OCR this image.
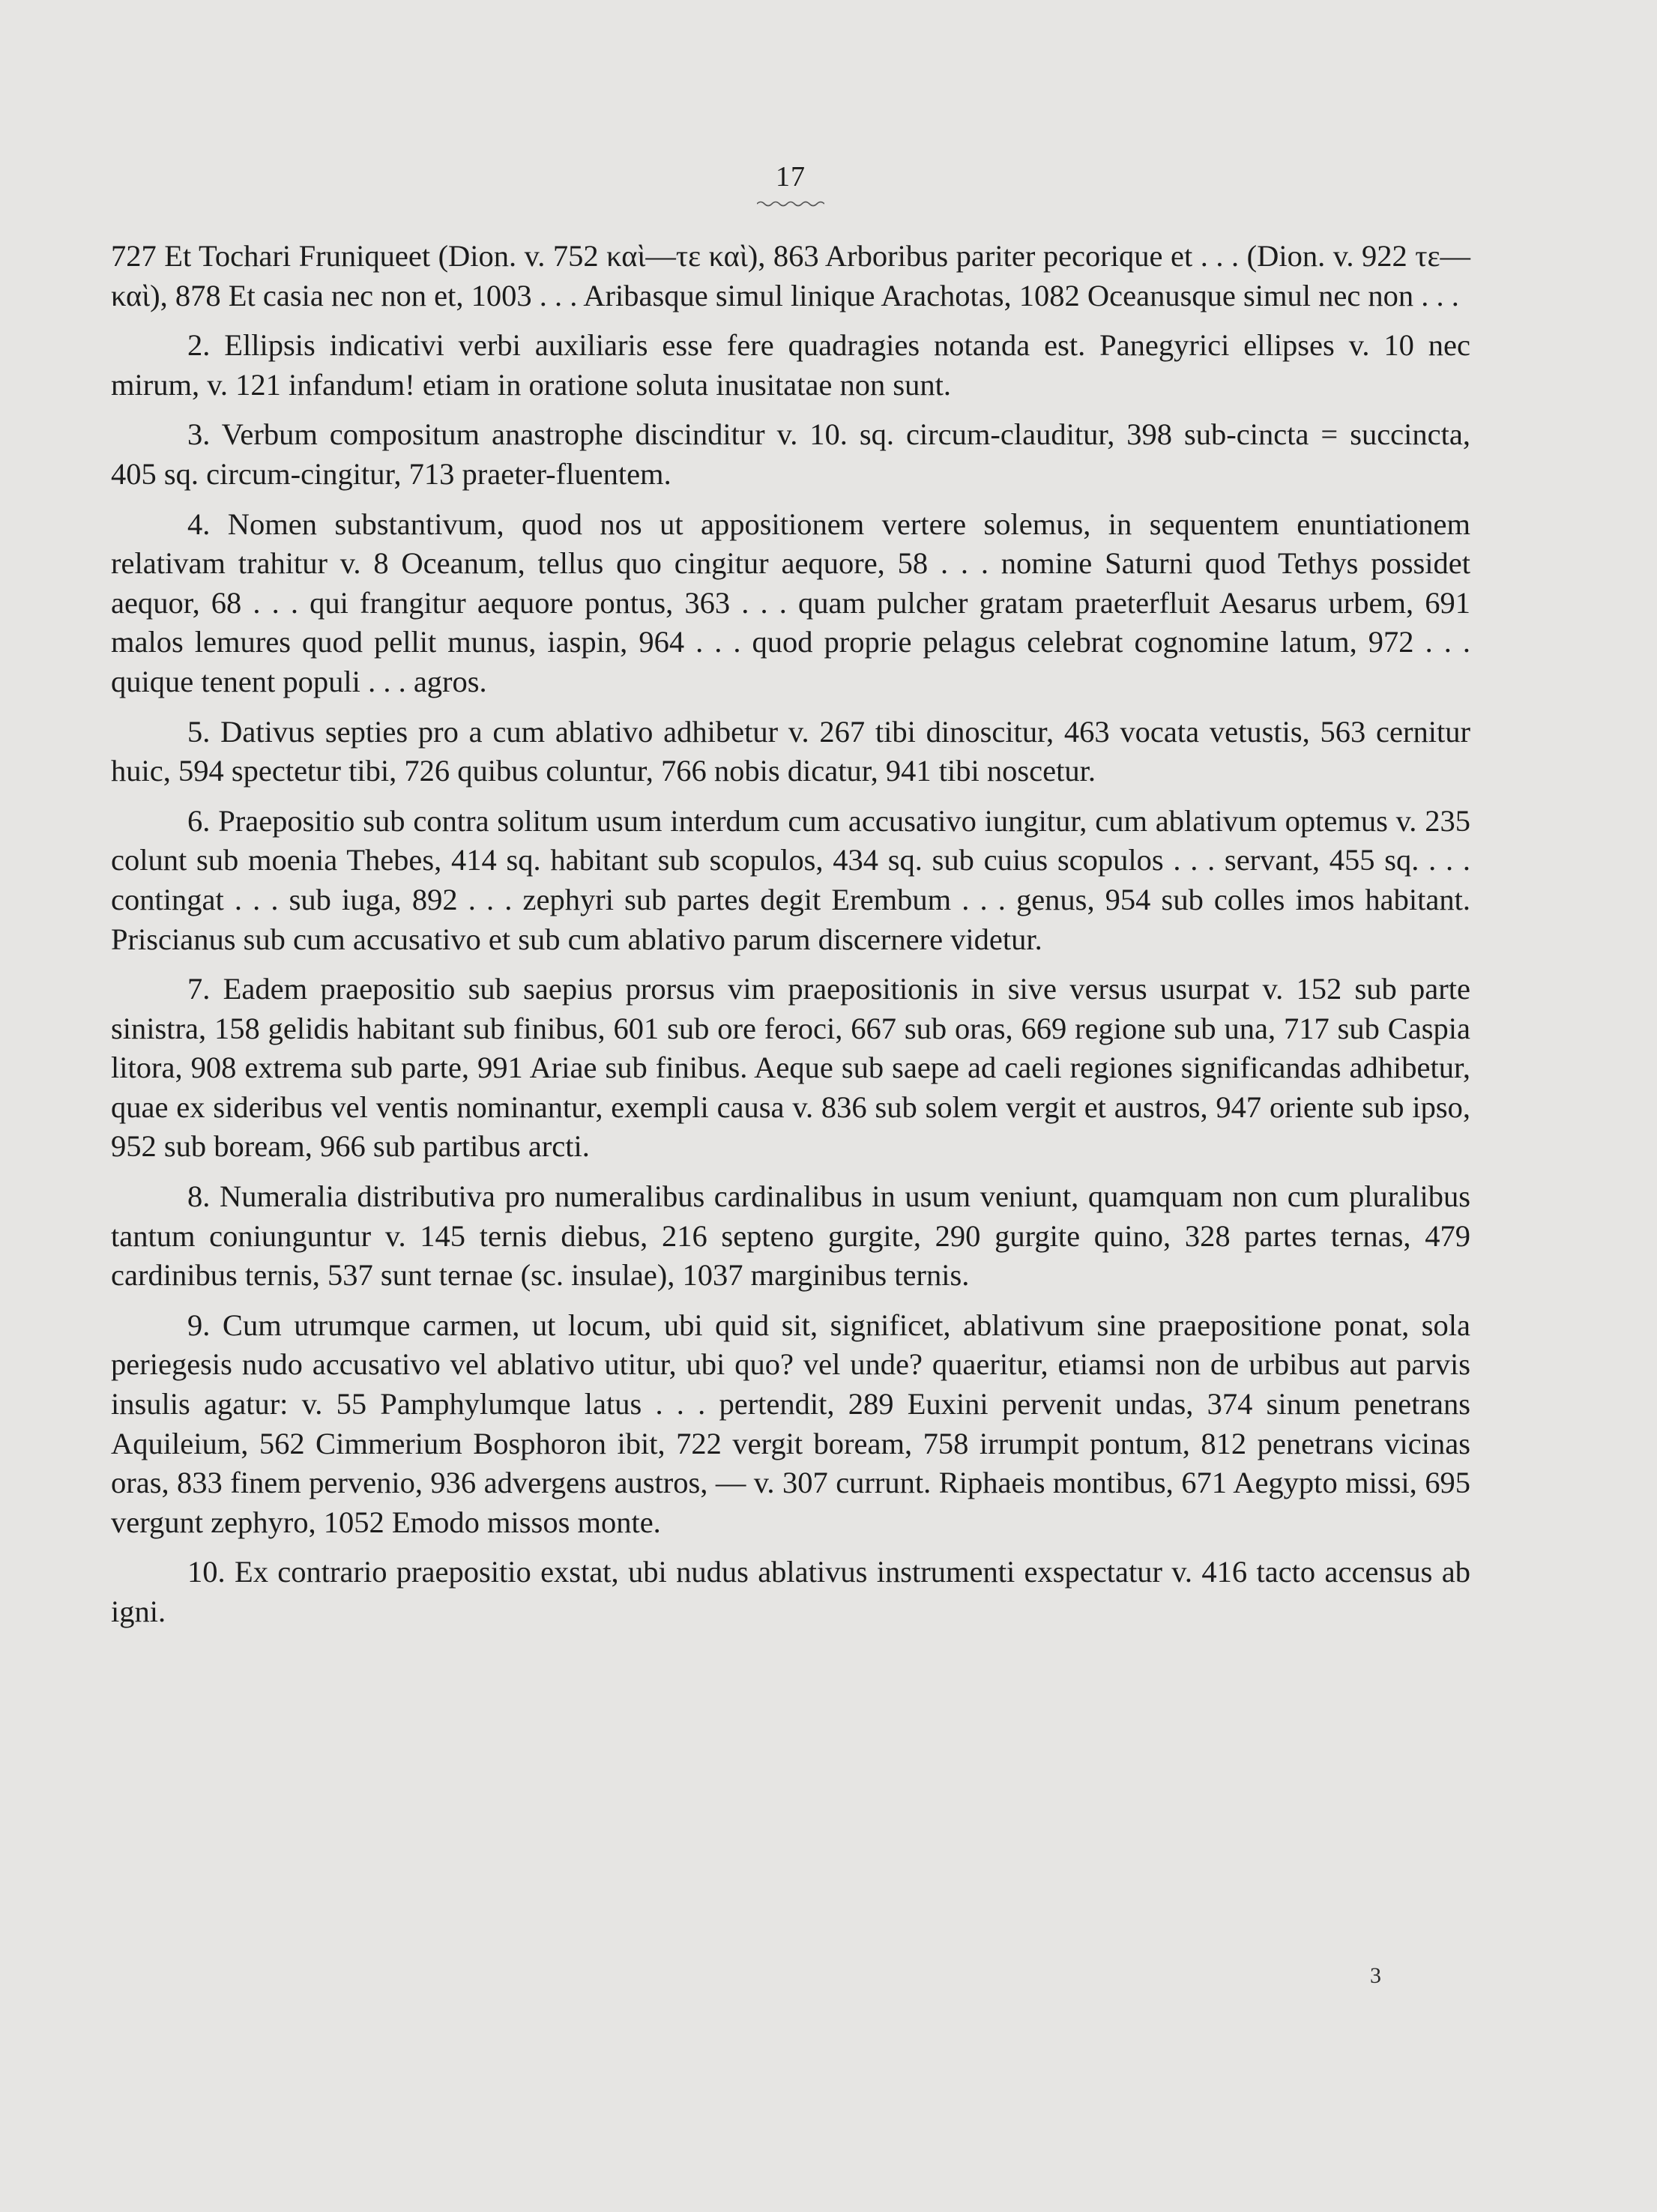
17

727 Et Tochari Fruniqueet (Dion. v. 752 καὶ—τε καὶ), 863 Arboribus pariter pecorique et . . . (Dion. v. 922 τε—καὶ), 878 Et casia nec non et, 1003 . . . Aribasque simul linique Arachotas, 1082 Oceanusque simul nec non . . .

2. Ellipsis indicativi verbi auxiliaris esse fere quadragies notanda est. Panegyrici ellipses v. 10 nec mirum, v. 121 infandum! etiam in oratione soluta inusitatae non sunt.

3. Verbum compositum anastrophe discinditur v. 10. sq. circum-clauditur, 398 sub-cincta = succincta, 405 sq. circum-cingitur, 713 praeter-fluentem.

4. Nomen substantivum, quod nos ut appositionem vertere solemus, in sequentem enuntiationem relativam trahitur v. 8 Oceanum, tellus quo cingitur aequore, 58 . . . nomine Saturni quod Tethys possidet aequor, 68 . . . qui frangitur aequore pontus, 363 . . . quam pulcher gratam praeterfluit Aesarus urbem, 691 malos lemures quod pellit munus, iaspin, 964 . . . quod proprie pelagus celebrat cognomine latum, 972 . . . quique tenent populi . . . agros.

5. Dativus septies pro a cum ablativo adhibetur v. 267 tibi dinoscitur, 463 vocata vetustis, 563 cernitur huic, 594 spectetur tibi, 726 quibus coluntur, 766 nobis dicatur, 941 tibi noscetur.

6. Praepositio sub contra solitum usum interdum cum accusativo iungitur, cum ablativum optemus v. 235 colunt sub moenia Thebes, 414 sq. habitant sub scopulos, 434 sq. sub cuius scopulos . . . servant, 455 sq. . . . contingat . . . sub iuga, 892 . . . zephyri sub partes degit Erembum . . . genus, 954 sub colles imos habitant. Priscianus sub cum accusativo et sub cum ablativo parum discernere videtur.

7. Eadem praepositio sub saepius prorsus vim praepositionis in sive versus usurpat v. 152 sub parte sinistra, 158 gelidis habitant sub finibus, 601 sub ore feroci, 667 sub oras, 669 regione sub una, 717 sub Caspia litora, 908 extrema sub parte, 991 Ariae sub finibus. Aeque sub saepe ad caeli regiones significandas adhibetur, quae ex sideribus vel ventis nominantur, exempli causa v. 836 sub solem vergit et austros, 947 oriente sub ipso, 952 sub boream, 966 sub partibus arcti.

8. Numeralia distributiva pro numeralibus cardinalibus in usum veniunt, quamquam non cum pluralibus tantum coniunguntur v. 145 ternis diebus, 216 septeno gurgite, 290 gurgite quino, 328 partes ternas, 479 cardinibus ternis, 537 sunt ternae (sc. insulae), 1037 marginibus ternis.

9. Cum utrumque carmen, ut locum, ubi quid sit, significet, ablativum sine praepositione ponat, sola periegesis nudo accusativo vel ablativo utitur, ubi quo? vel unde? quaeritur, etiamsi non de urbibus aut parvis insulis agatur: v. 55 Pamphylumque latus . . . pertendit, 289 Euxini pervenit undas, 374 sinum penetrans Aquileium, 562 Cimmerium Bosphoron ibit, 722 vergit boream, 758 irrumpit pontum, 812 penetrans vicinas oras, 833 finem pervenio, 936 advergens austros, — v. 307 currunt. Riphaeis montibus, 671 Aegypto missi, 695 vergunt zephyro, 1052 Emodo missos monte.

10. Ex contrario praepositio exstat, ubi nudus ablativus instrumenti exspectatur v. 416 tacto accensus ab igni.

3
